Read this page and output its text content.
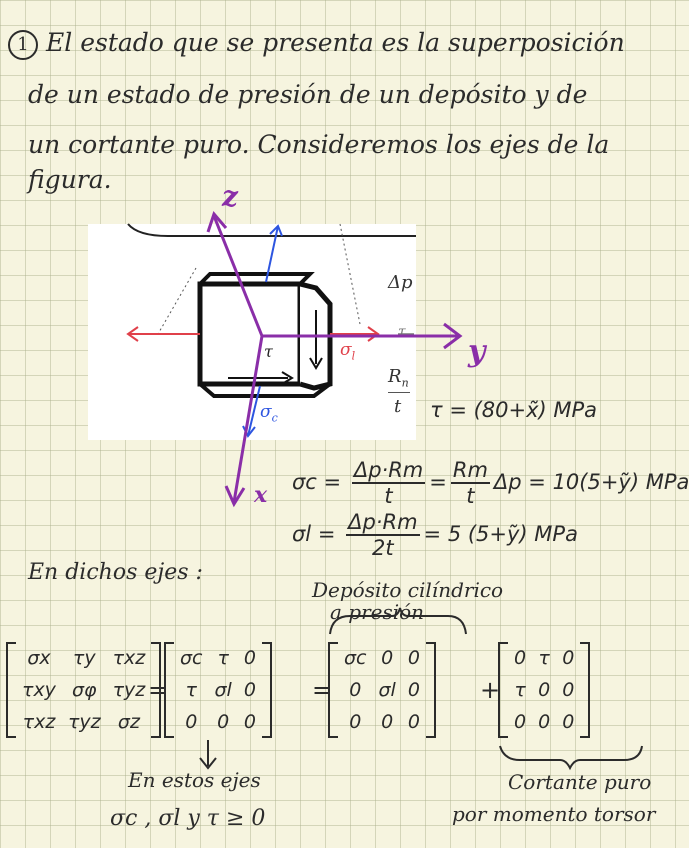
1 El estado que se presenta es la superposición
de un estado de presión de un depósito y de
un cortante puro. Consideremos los ejes de la
figura.
τ	$\sigma_l$
$\sigma_c$
Δp
τ
$R_n$
t
z
y
x
τ = (80+x̃) MPa
$\sigma c = \frac{\Delta p\cdot Rm}{t} = \frac{Rm}{t}$ Δp = 10(5+ỹ) MPa
$\sigma l = \frac{\Delta p\cdot Rm}{2t} = 5$ (5+ỹ) MPa
En dichos ejes :
Depósito cilíndrico
a presión
σx	τy	τxz
τxy	σφ	τyz
τxz	τyz	σz
=
σc	τ	0
τ	σl	0
0	0	0
=
σc	0	0
0	σl	0
0	0	0
+
0	τ	0
τ	0	0
0	0	0
En estos ejes
σc , σl y τ ≥ 0
Cortante puro
por momento torsor
